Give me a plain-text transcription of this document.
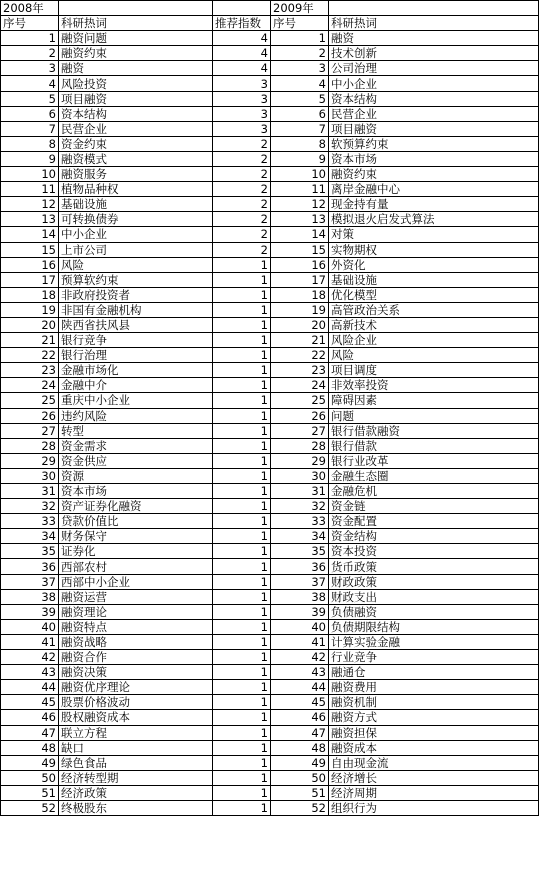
2008年			2009年	
序号	科研热词	推荐指数	序号	科研热词
1	融资问题	4	1	融资
2	融资约束	4	2	技术创新
3	融资	4	3	公司治理
4	风险投资	3	4	中小企业
5	项目融资	3	5	资本结构
6	资本结构	3	6	民营企业
7	民营企业	3	7	项目融资
8	资金约束	2	8	软预算约束
9	融资模式	2	9	资本市场
10	融资服务	2	10	融资约束
11	植物品种权	2	11	离岸金融中心
12	基础设施	2	12	现金持有量
13	可转换债券	2	13	模拟退火启发式算法
14	中小企业	2	14	对策
15	上市公司	2	15	实物期权
16	风险	1	16	外资化
17	预算软约束	1	17	基础设施
18	非政府投资者	1	18	优化模型
19	非国有金融机构	1	19	高管政治关系
20	陕西省扶风县	1	20	高新技术
21	银行竞争	1	21	风险企业
22	银行治理	1	22	风险
23	金融市场化	1	23	项目调度
24	金融中介	1	24	非效率投资
25	重庆中小企业	1	25	障碍因素
26	违约风险	1	26	问题
27	转型	1	27	银行借款融资
28	资金需求	1	28	银行借款
29	资金供应	1	29	银行业改革
30	资源	1	30	金融生态圈
31	资本市场	1	31	金融危机
32	资产证券化融资	1	32	资金链
33	贷款价值比	1	33	资金配置
34	财务保守	1	34	资金结构
35	证券化	1	35	资本投资
36	西部农村	1	36	货币政策
37	西部中小企业	1	37	财政政策
38	融资运营	1	38	财政支出
39	融资理论	1	39	负债融资
40	融资特点	1	40	负债期限结构
41	融资战略	1	41	计算实验金融
42	融资合作	1	42	行业竞争
43	融资决策	1	43	融通仓
44	融资优序理论	1	44	融资费用
45	股票价格波动	1	45	融资机制
46	股权融资成本	1	46	融资方式
47	联立方程	1	47	融资担保
48	缺口	1	48	融资成本
49	绿色食品	1	49	自由现金流
50	经济转型期	1	50	经济增长
51	经济政策	1	51	经济周期
52	终极股东	1	52	组织行为
